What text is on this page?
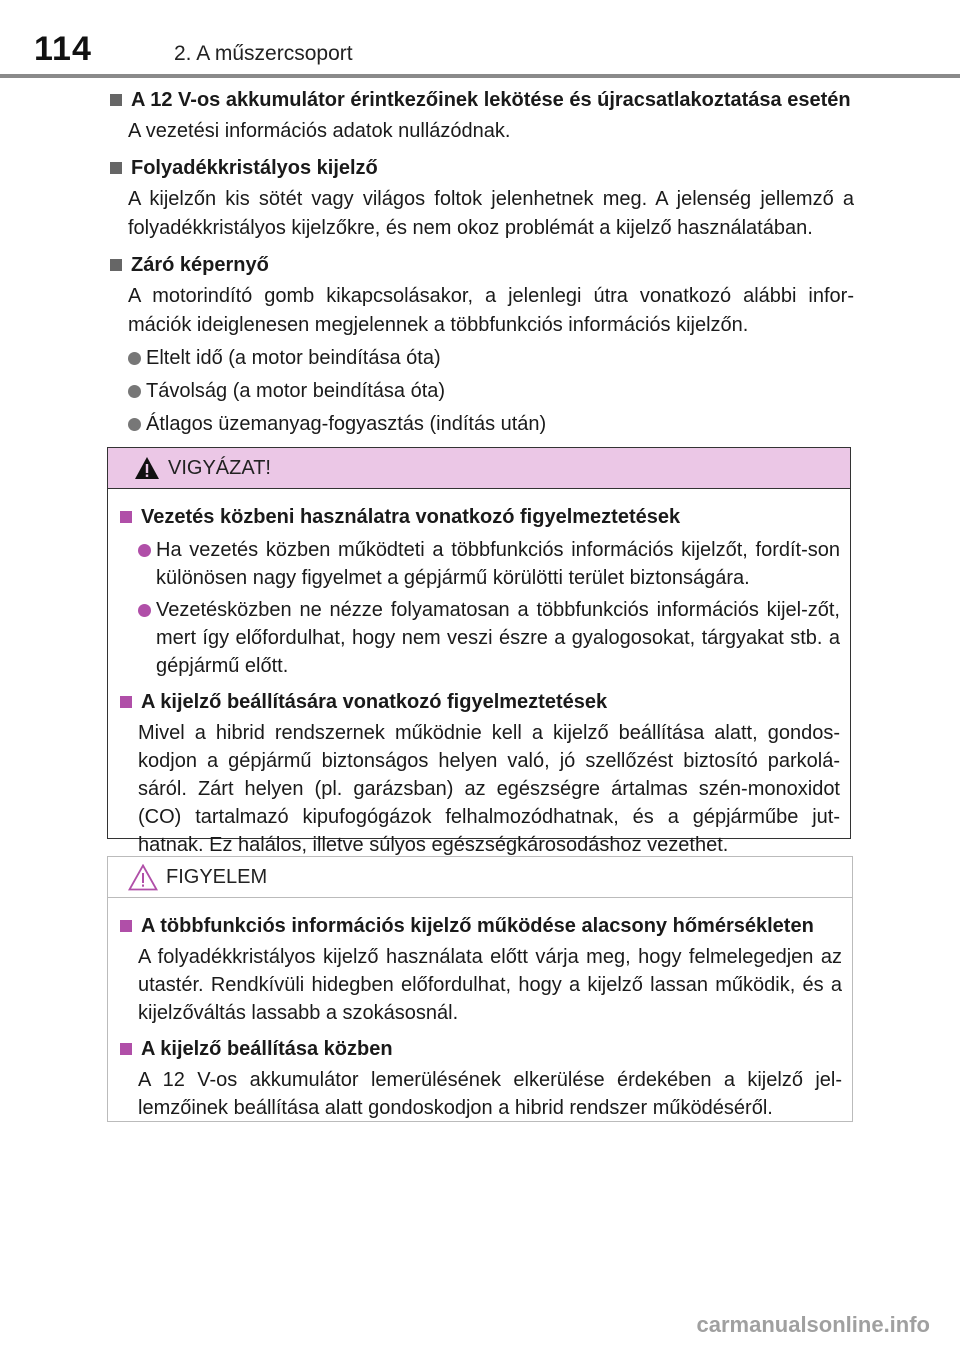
114	2. A műszercsoport
A 12 V-os akkumulátor érintkezőinek lekötése és újracsatlakoztatása esetén
A vezetési információs adatok nullázódnak.
Folyadékkristályos kijelző
A kijelzőn kis sötét vagy világos foltok jelenhetnek meg. A jelenség jellemző a folyadékkristályos kijelzőkre, és nem okoz problémát a kijelző használatában.
Záró képernyő
A motorindító gomb kikapcsolásakor, a jelenlegi útra vonatkozó alábbi infor-mációk ideiglenesen megjelennek a többfunkciós információs kijelzőn.
Eltelt idő (a motor beindítása óta)
Távolság (a motor beindítása óta)
Átlagos üzemanyag-fogyasztás (indítás után)
VIGYÁZAT!
Vezetés közbeni használatra vonatkozó figyelmeztetések
Ha vezetés közben működteti a többfunkciós információs kijelzőt, fordít-son különösen nagy figyelmet a gépjármű körülötti terület biztonságára.
Vezetésközben ne nézze folyamatosan a többfunkciós információs kijel-zőt, mert így előfordulhat, hogy nem veszi észre a gyalogosokat, tárgyakat stb. a gépjármű előtt.
A kijelző beállítására vonatkozó figyelmeztetések
Mivel a hibrid rendszernek működnie kell a kijelző beállítása alatt, gondos-kodjon a gépjármű biztonságos helyen való, jó szellőzést biztosító parkolá-sáról. Zárt helyen (pl. garázsban) az egészségre ártalmas szén-monoxidot (CO) tartalmazó kipufogógázok felhalmozódhatnak, és a gépjárműbe jut-hatnak. Ez halálos, illetve súlyos egészségkárosodáshoz vezethet.
FIGYELEM
A többfunkciós információs kijelző működése alacsony hőmérsékleten
A folyadékkristályos kijelző használata előtt várja meg, hogy felmelegedjen az utastér. Rendkívüli hidegben előfordulhat, hogy a kijelző lassan működik, és a kijelzőváltás lassabb a szokásosnál.
A kijelző beállítása közben
A 12 V-os akkumulátor lemerülésének elkerülése érdekében a kijelző jel-lemzőinek beállítása alatt gondoskodjon a hibrid rendszer működéséről.
carmanualsonline.info
